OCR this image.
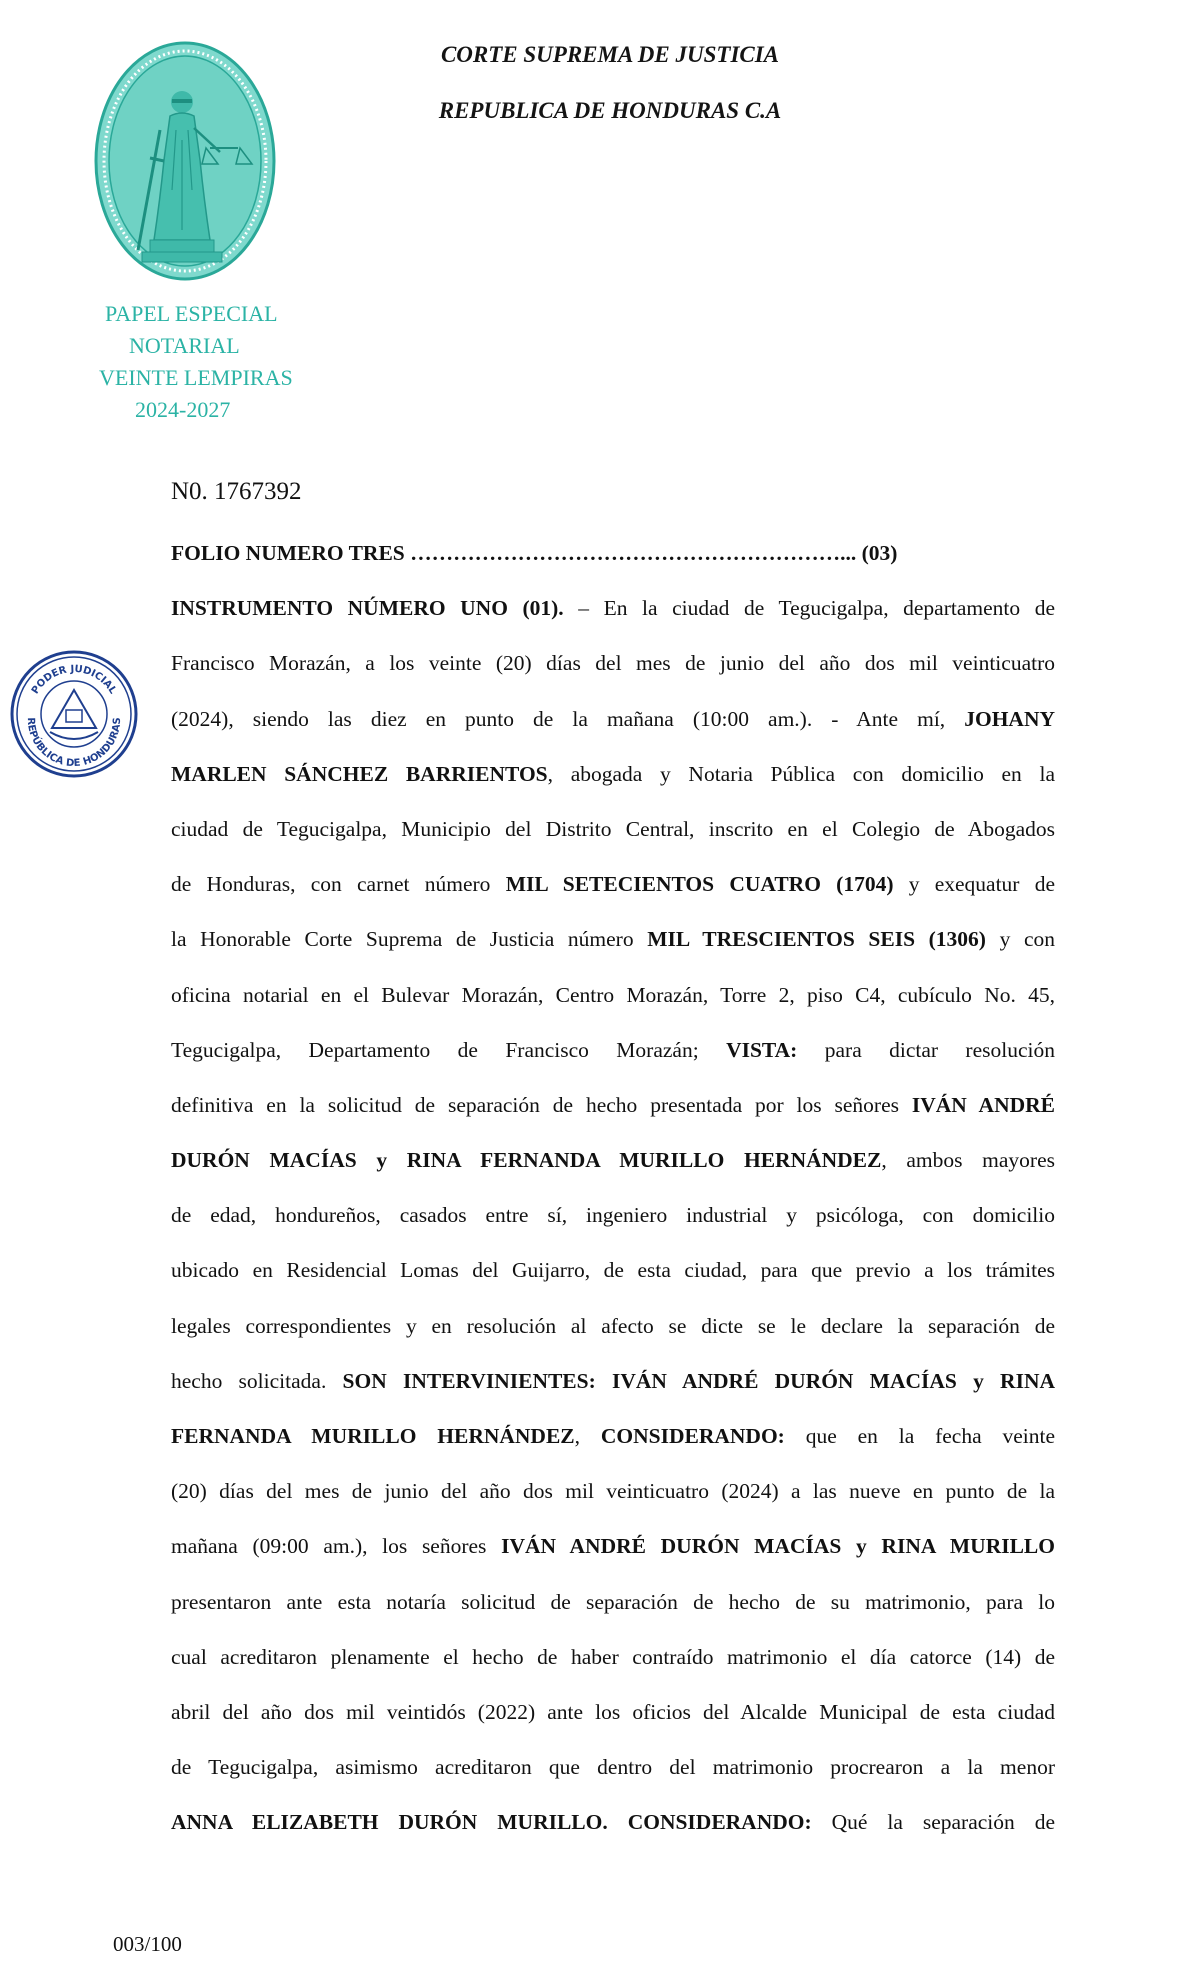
CORTE SUPREMA DE JUSTICIA
REPUBLICA DE HONDURAS C.A
PAPEL ESPECIAL
NOTARIAL
VEINTE LEMPIRAS
2024-2027
PODER JUDICIAL
REPÚBLICA DE HONDURAS
N0. 1767392
FOLIO NUMERO TRES ……………………………………………………... (03)
INSTRUMENTO NÚMERO UNO (01). – En la ciudad de Tegucigalpa, departamento de
Francisco Morazán, a los veinte (20) días del mes de junio del año dos mil veinticuatro
(2024), siendo las diez en punto de la mañana (10:00 am.). - Ante mí, JOHANY
MARLEN SÁNCHEZ BARRIENTOS, abogada y Notaria Pública con domicilio en la
ciudad de Tegucigalpa, Municipio del Distrito Central, inscrito en el Colegio de Abogados
de Honduras, con carnet número MIL SETECIENTOS CUATRO (1704) y exequatur de
la Honorable Corte Suprema de Justicia número MIL TRESCIENTOS SEIS (1306) y con
oficina notarial en el Bulevar Morazán, Centro Morazán, Torre 2, piso C4, cubículo No. 45,
Tegucigalpa, Departamento de Francisco Morazán; VISTA: para dictar resolución
definitiva en la solicitud de separación de hecho presentada por los señores IVÁN ANDRÉ
DURÓN MACÍAS y RINA FERNANDA MURILLO HERNÁNDEZ, ambos mayores
de edad, hondureños, casados entre sí, ingeniero industrial y psicóloga, con domicilio
ubicado en Residencial Lomas del Guijarro, de esta ciudad, para que previo a los trámites
legales correspondientes y en resolución al afecto se dicte se le declare la separación de
hecho solicitada. SON INTERVINIENTES: IVÁN ANDRÉ DURÓN MACÍAS y RINA
FERNANDA MURILLO HERNÁNDEZ, CONSIDERANDO: que en la fecha veinte
(20) días del mes de junio del año dos mil veinticuatro (2024) a las nueve en punto de la
mañana (09:00 am.), los señores IVÁN ANDRÉ DURÓN MACÍAS y RINA MURILLO
presentaron ante esta notaría solicitud de separación de hecho de su matrimonio, para lo
cual acreditaron plenamente el hecho de haber contraído matrimonio el día catorce (14) de
abril del año dos mil veintidós (2022) ante los oficios del Alcalde Municipal de esta ciudad
de Tegucigalpa, asimismo acreditaron que dentro del matrimonio procrearon a la menor
ANNA ELIZABETH DURÓN MURILLO. CONSIDERANDO: Qué la separación de
003/100
